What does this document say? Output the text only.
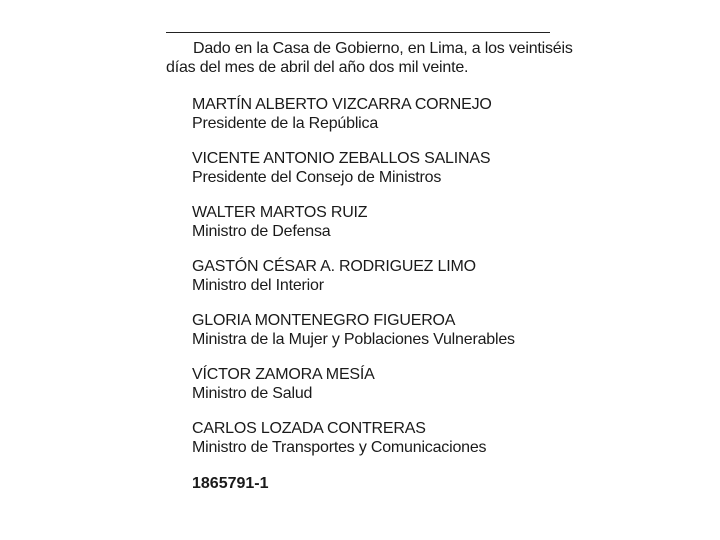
Dado en la Casa de Gobierno, en Lima, a los veintiséis
días del mes de abril del año dos mil veinte.

MARTÍN ALBERTO VIZCARRA CORNEJO
Presidente de la República
VICENTE ANTONIO ZEBALLOS SALINAS
Presidente del Consejo de Ministros
WALTER MARTOS RUIZ
Ministro de Defensa
GASTÓN CÉSAR A. RODRIGUEZ LIMO
Ministro del Interior
GLORIA MONTENEGRO FIGUEROA
Ministra de la Mujer y Poblaciones Vulnerables
VÍCTOR ZAMORA MESÍA
Ministro de Salud
CARLOS LOZADA CONTRERAS
Ministro de Transportes y Comunicaciones
1865791-1
